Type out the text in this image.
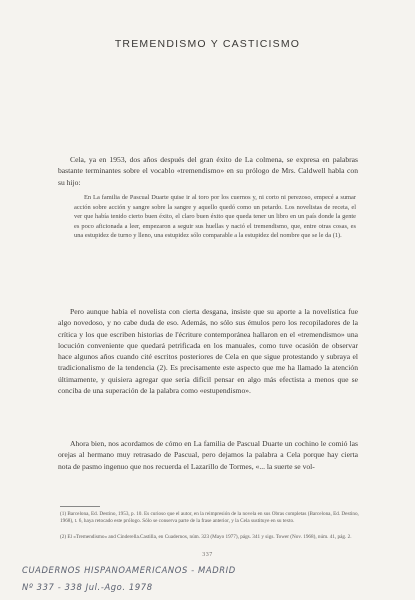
TREMENDISMO Y CASTICISMO

Cela, ya en 1953, dos años después del gran éxito de La colmena, se expresa en palabras bastante terminantes sobre el vocablo «tremendismo» en su prólogo de Mrs. Caldwell habla con su hijo:

En La familia de Pascual Duarte quise ir al toro por los cuernos y, ni corto ni perezoso, empecé a sumar acción sobre acción y sangre sobre la sangre y aquello quedó como un petardo. Los novelistas de receta, el ver que había tenido cierto buen éxito, el claro buen éxito que queda tener un libro en un país donde la gente es poco aficionada a leer, empezaron a seguir sus huellas y nació el tremendismo, que, entre otras cosas, es una estupidez de turno y lleno, una estupidez sólo comparable a la estupidez del nombre que se le da (1).

Pero aunque había el novelista con cierta desgana, insiste que su aporte a la novelística fue algo novedoso, y no cabe duda de eso. Además, no sólo sus émulos pero los recopiladores de la crítica y los que escriben historias de l'écriture contemporánea hallaron en el «tremendismo» una locución conveniente que quedará petrificada en los manuales, como tuve ocasión de observar hace algunos años cuando cité escritos posteriores de Cela en que sigue protestando y subraya el tradicionalismo de la tendencia (2). Es precisamente este aspecto que me ha llamado la atención últimamente, y quisiera agregar que sería difícil pensar en algo más efectista a menos que se conciba de una superación de la palabra como «estupendismo».

Ahora bien, nos acordamos de cómo en La familia de Pascual Duarte un cochino le comió las orejas al hermano muy retrasado de Pascual, pero dejamos la palabra a Cela porque hay cierta nota de pasmo ingenuo que nos recuerda el Lazarillo de Tormes, «... la suerte se vol-

(1) Barcelona, Ed. Destino, 1953, p. 10. Es curioso que el autor, en la reimpresión de la novela en sus Obras completas (Barcelona, Ed. Destino, 1968), t. 6, haya retocado este prólogo. Sólo se conserva parte de la frase anterior, y la Cela sustituye en su texto.
(2) El «Tremendismo» and Cinderella.Castilla, en Cuadernos, núm. 323 (Mayo 1977), págs. 341 y sigs. Tower (Nov. 1968), núm. 41, pág. 2.
337
CUADERNOS HISPANOAMERICANOS - MADRID
Nº 337 - 338 Jul.-Ago. 1978
